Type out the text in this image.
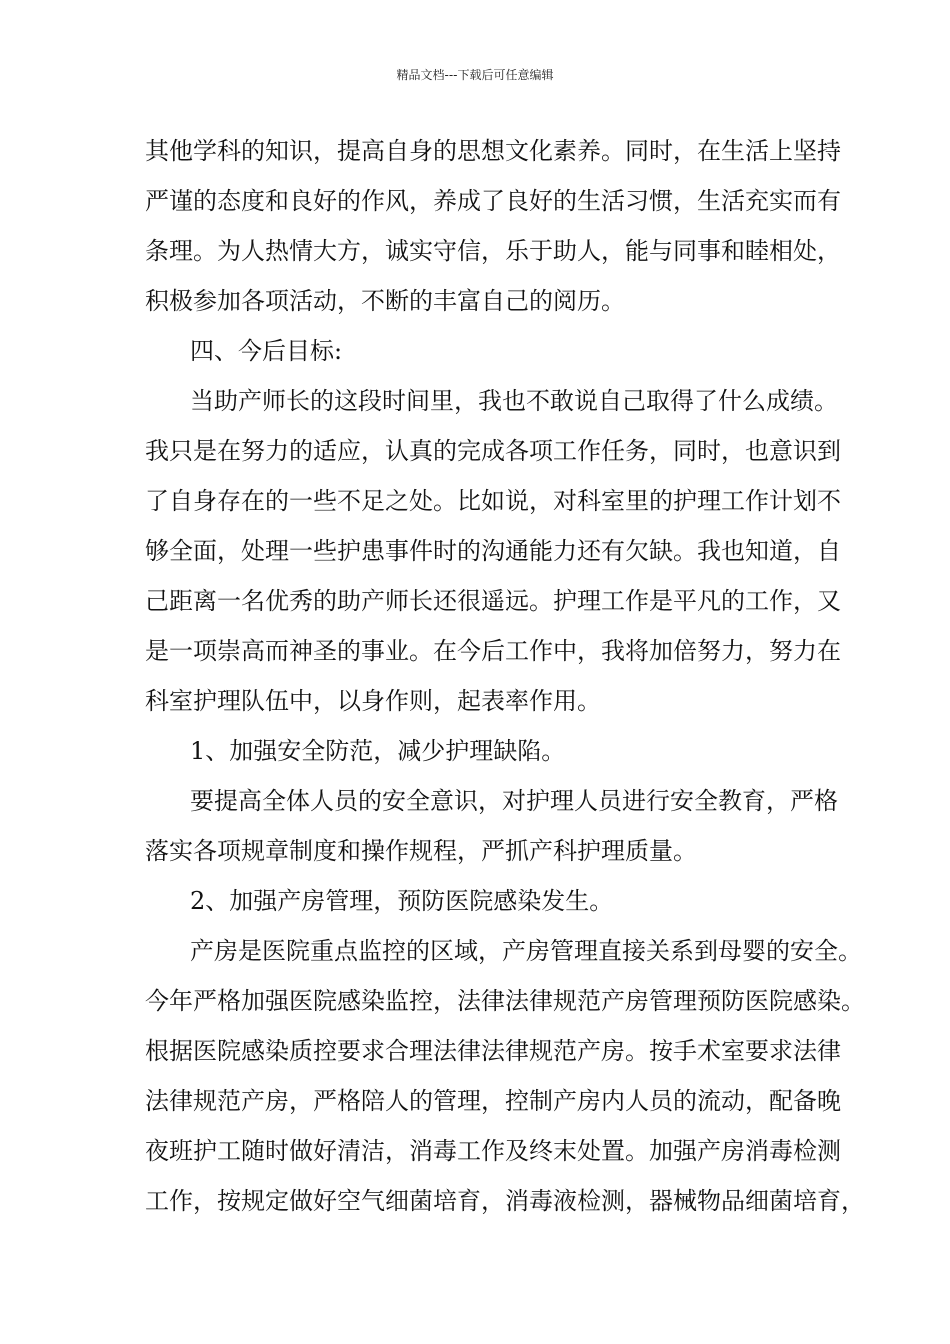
精品文档---下载后可任意编辑
其他学科的知识，提高自身的思想文化素养。同时，在生活上坚持
严谨的态度和良好的作风，养成了良好的生活习惯，生活充实而有
条理。为人热情大方，诚实守信，乐于助人，能与同事和睦相处，
积极参加各项活动，不断的丰富自己的阅历。
四、今后目标:
当助产师长的这段时间里，我也不敢说自己取得了什么成绩。
我只是在努力的适应，认真的完成各项工作任务，同时，也意识到
了自身存在的一些不足之处。比如说，对科室里的护理工作计划不
够全面，处理一些护患事件时的沟通能力还有欠缺。我也知道，自
己距离一名优秀的助产师长还很遥远。护理工作是平凡的工作，又
是一项崇高而神圣的事业。在今后工作中，我将加倍努力，努力在
科室护理队伍中，以身作则，起表率作用。
1、加强安全防范，减少护理缺陷。
要提高全体人员的安全意识，对护理人员进行安全教育，严格
落实各项规章制度和操作规程，严抓产科护理质量。
2、加强产房管理，预防医院感染发生。
产房是医院重点监控的区域，产房管理直接关系到母婴的安全。
今年严格加强医院感染监控，法律法律规范产房管理预防医院感染。
根据医院感染质控要求合理法律法律规范产房。按手术室要求法律
法律规范产房，严格陪人的管理，控制产房内人员的流动，配备晚
夜班护工随时做好清洁，消毒工作及终末处置。加强产房消毒检测
工作，按规定做好空气细菌培育，消毒液检测，器械物品细菌培育，
